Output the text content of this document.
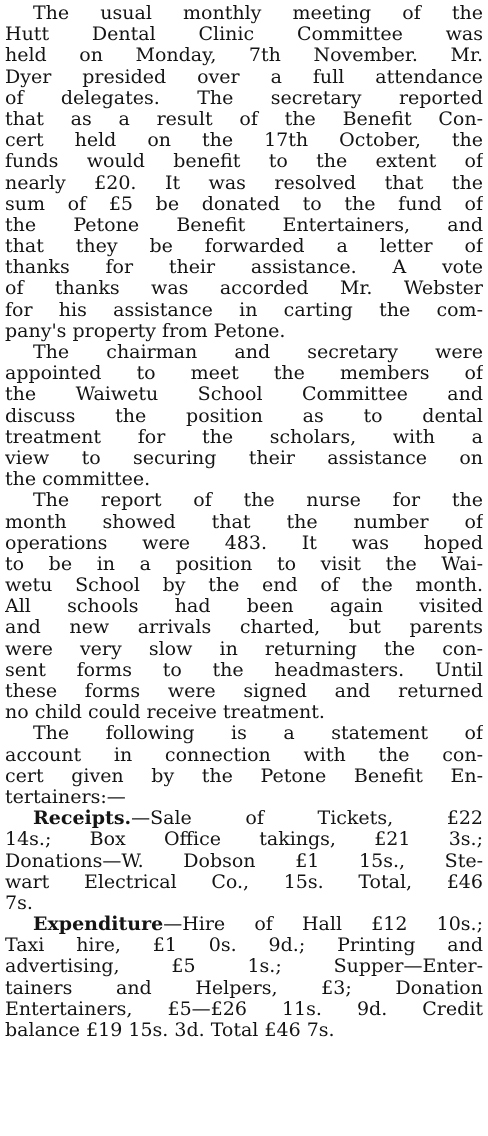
The usual monthly meeting of the
Hutt Dental Clinic Committee was
held on Monday, 7th November. Mr.
Dyer presided over a full attendance
of delegates. The secretary reported
that as a result of the Benefit Con-
cert held on the 17th October, the
funds would benefit to the extent of
nearly £20. It was resolved that the
sum of £5 be donated to the fund of
the Petone Benefit Entertainers, and
that they be forwarded a letter of
thanks for their assistance. A vote
of thanks was accorded Mr. Webster
for his assistance in carting the com-
pany's property from Petone.
The chairman and secretary were
appointed to meet the members of
the Waiwetu School Committee and
discuss the position as to dental
treatment for the scholars, with a
view to securing their assistance on
the committee.
The report of the nurse for the
month showed that the number of
operations were 483. It was hoped
to be in a position to visit the Wai-
wetu School by the end of the month.
All schools had been again visited
and new arrivals charted, but parents
were very slow in returning the con-
sent forms to the headmasters. Until
these forms were signed and returned
no child could receive treatment.
The following is a statement of
account in connection with the con-
cert given by the Petone Benefit En-
tertainers:—
Receipts.—Sale of Tickets, £22
14s.; Box Office takings, £21 3s.;
Donations—W. Dobson £1 15s., Ste-
wart Electrical Co., 15s. Total, £46
7s.
Expenditure—Hire of Hall £12 10s.;
Taxi hire, £1 0s. 9d.; Printing and
advertising, £5 1s.; Supper—Enter-
tainers and Helpers, £3; Donation
Entertainers, £5—£26 11s. 9d. Credit
balance £19 15s. 3d. Total £46 7s.
